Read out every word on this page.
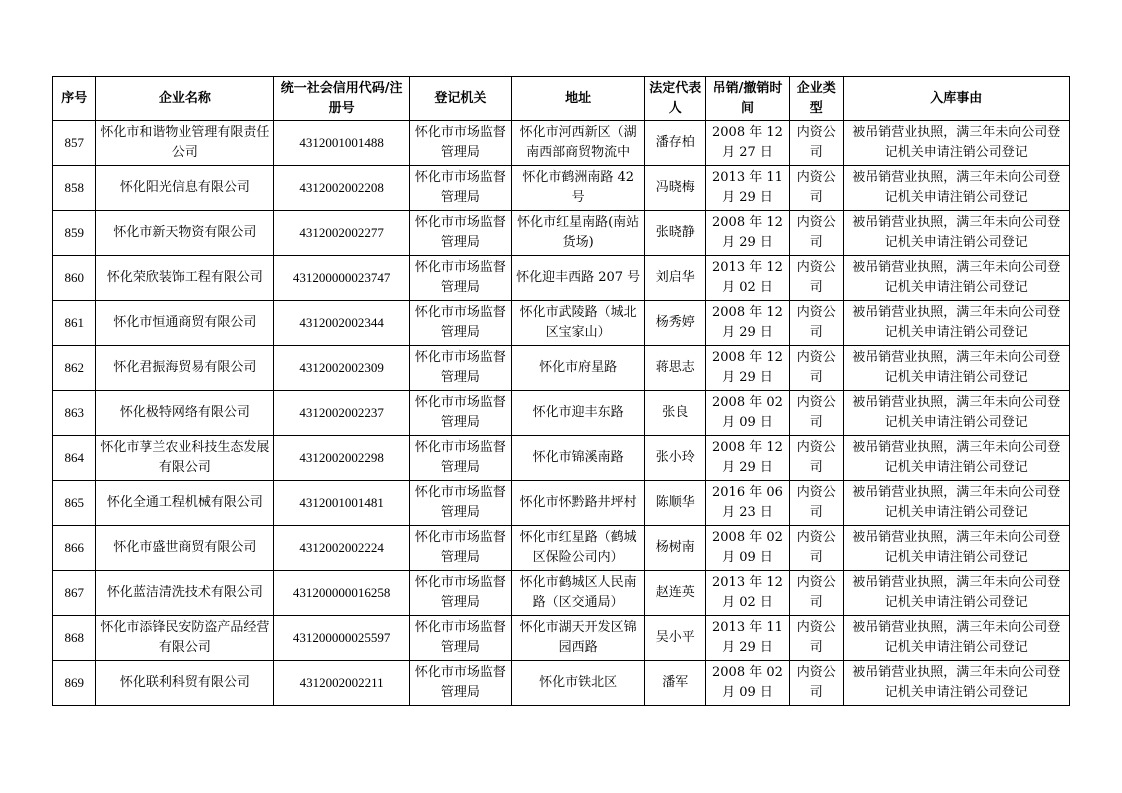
序号	企业名称	统一社会信用代码/注册号	登记机关	地址	法定代表人	吊销/撤销时间	企业类型	入库事由
857	怀化市和谐物业管理有限责任公司	4312001001488	怀化市市场监督管理局	怀化市河西新区（湖南西部商贸物流中	潘存柏	2008 年 12 月 27 日	内资公司	被吊销营业执照，满三年未向公司登记机关申请注销公司登记
858	怀化阳光信息有限公司	4312002002208	怀化市市场监督管理局	怀化市鹤洲南路 42 号	冯晓梅	2013 年 11 月 29 日	内资公司	被吊销营业执照，满三年未向公司登记机关申请注销公司登记
859	怀化市新天物资有限公司	4312002002277	怀化市市场监督管理局	怀化市红星南路(南站货场)	张晓静	2008 年 12 月 29 日	内资公司	被吊销营业执照，满三年未向公司登记机关申请注销公司登记
860	怀化荣欣装饰工程有限公司	431200000023747	怀化市市场监督管理局	怀化迎丰西路 207 号	刘启华	2013 年 12 月 02 日	内资公司	被吊销营业执照，满三年未向公司登记机关申请注销公司登记
861	怀化市恒通商贸有限公司	4312002002344	怀化市市场监督管理局	怀化市武陵路（城北区宝家山）	杨秀婷	2008 年 12 月 29 日	内资公司	被吊销营业执照，满三年未向公司登记机关申请注销公司登记
862	怀化君振海贸易有限公司	4312002002309	怀化市市场监督管理局	怀化市府星路	蒋思志	2008 年 12 月 29 日	内资公司	被吊销营业执照，满三年未向公司登记机关申请注销公司登记
863	怀化极特网络有限公司	4312002002237	怀化市市场监督管理局	怀化市迎丰东路	张良	2008 年 02 月 09 日	内资公司	被吊销营业执照，满三年未向公司登记机关申请注销公司登记
864	怀化市莩兰农业科技生态发展有限公司	4312002002298	怀化市市场监督管理局	怀化市锦溪南路	张小玲	2008 年 12 月 29 日	内资公司	被吊销营业执照，满三年未向公司登记机关申请注销公司登记
865	怀化全通工程机械有限公司	4312001001481	怀化市市场监督管理局	怀化市怀黔路井坪村	陈顺华	2016 年 06 月 23 日	内资公司	被吊销营业执照，满三年未向公司登记机关申请注销公司登记
866	怀化市盛世商贸有限公司	4312002002224	怀化市市场监督管理局	怀化市红星路（鹤城区保险公司内）	杨树南	2008 年 02 月 09 日	内资公司	被吊销营业执照，满三年未向公司登记机关申请注销公司登记
867	怀化蓝洁清洗技术有限公司	431200000016258	怀化市市场监督管理局	怀化市鹤城区人民南路（区交通局）	赵连英	2013 年 12 月 02 日	内资公司	被吊销营业执照，满三年未向公司登记机关申请注销公司登记
868	怀化市添锋民安防盗产品经营有限公司	431200000025597	怀化市市场监督管理局	怀化市湖天开发区锦园西路	吴小平	2013 年 11 月 29 日	内资公司	被吊销营业执照，满三年未向公司登记机关申请注销公司登记
869	怀化联利科贸有限公司	4312002002211	怀化市市场监督管理局	怀化市铁北区	潘军	2008 年 02 月 09 日	内资公司	被吊销营业执照，满三年未向公司登记机关申请注销公司登记
